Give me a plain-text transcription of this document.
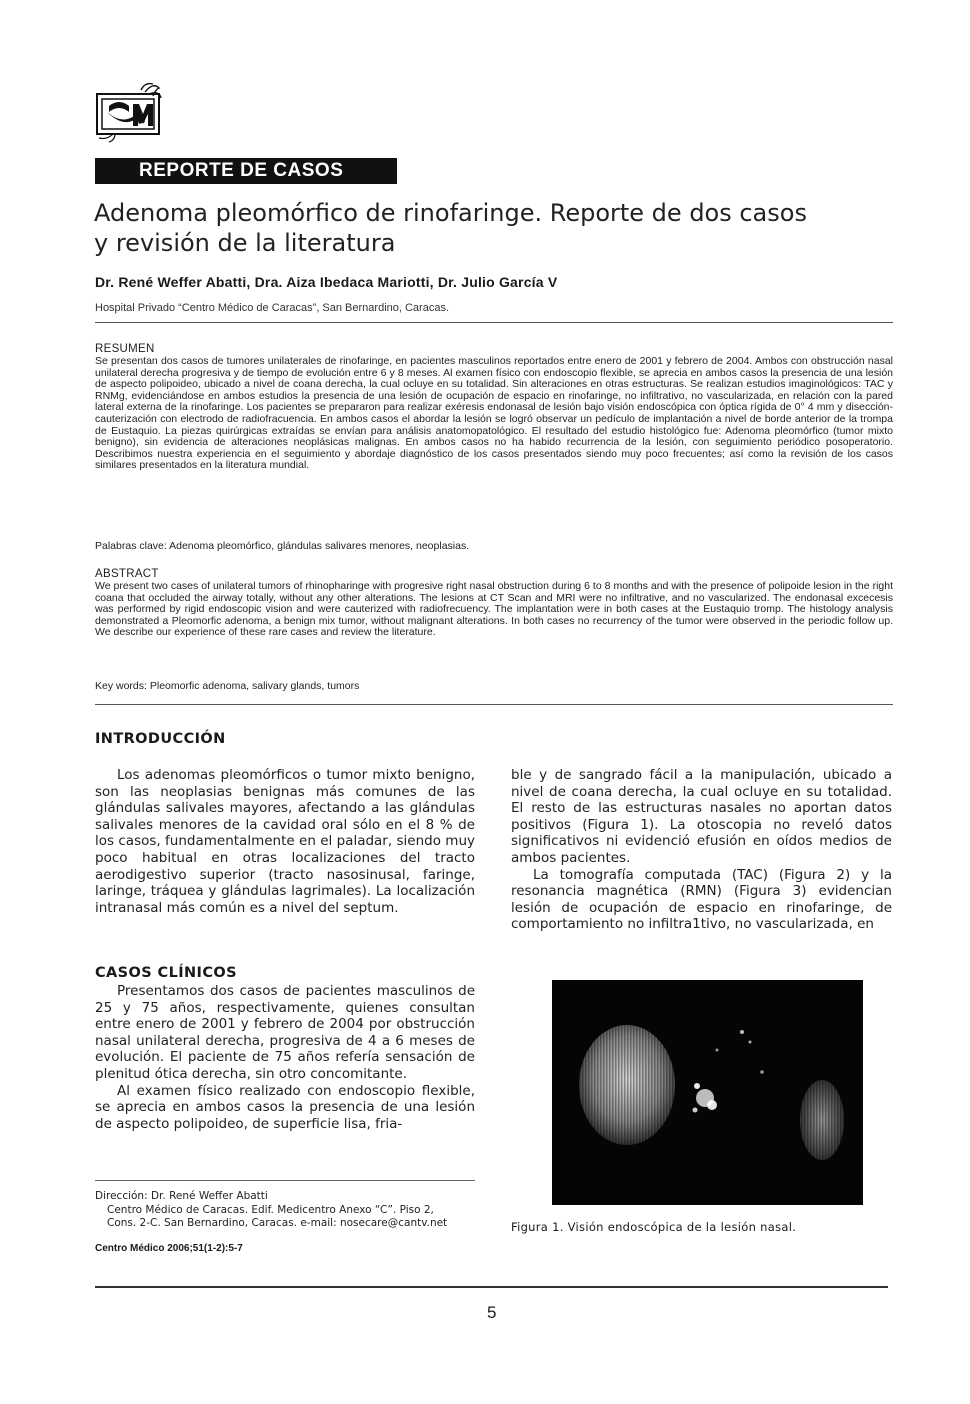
REPORTE DE CASOS
Adenoma pleomórfico de rinofaringe. Reporte de dos casos
y revisión de la literatura
Dr. René Weffer Abatti, Dra. Aiza Ibedaca Mariotti, Dr. Julio García V
Hospital Privado “Centro Médico de Caracas”, San Bernardino, Caracas.
RESUMEN
Se presentan dos casos de tumores unilaterales de rinofaringe, en pacientes masculinos reportados entre enero de 2001 y febrero de 2004. Ambos con obstrucción nasal unilateral derecha progresiva y de tiempo de evolución entre 6 y 8 meses. Al examen físico con endoscopio flexible, se aprecia en ambos casos la presencia de una lesión de aspecto polipoideo, ubicado a nivel de coana derecha, la cual ocluye en su totalidad. Sin alteraciones en otras estructuras. Se realizan estudios imaginológicos: TAC y RNMg, evidenciándose en ambos estudios la presencia de una lesión de ocupación de espacio en rinofaringe, no infiltrativo, no vascularizada, en relación con la pared lateral externa de la rinofaringe. Los pacientes se prepararon para realizar exéresis endonasal de lesión bajo visión endoscópica con óptica rígida de 0° 4 mm y disección-cauterización con electrodo de radiofracuencia. En ambos casos el abordar la lesión se logró observar un pedículo de implantación a nivel de borde anterior de la trompa de Eustaquio. La piezas quirúrgicas extraídas se envían para análisis anatomopatológico. El resultado del estudio histológico fue: Adenoma pleomórfico (tumor mixto benigno), sin evidencia de alteraciones neoplásicas malignas. En ambos casos no ha habido recurrencia de la lesión, con seguimiento periódico posoperatorio. Describimos nuestra experiencia en el seguimiento y abordaje diagnóstico de los casos presentados siendo muy poco frecuentes; así como la revisión de los casos similares presentados en la literatura mundial.
Palabras clave: Adenoma pleomórfico, glándulas salivares menores, neoplasias.
ABSTRACT
We present two cases of unilateral tumors of rhinopharinge with progresive right nasal obstruction during 6 to 8 months and with the presence of polipoide lesion in the right coana that occluded the airway totally, without any other alterations. The lesions at CT Scan and MRI were no infiltrative, and no vascularized. The endonasal excecesis was performed by rigid endoscopic vision and were cauterized with radiofrecuency. The implantation were in both cases at the Eustaquio tromp. The histology analysis demonstrated a Pleomorfic adenoma, a benign mix tumor, without malignant alterations. In both cases no recurrency of the tumor were observed in the periodic follow up. We describe our experience of these rare cases and review the literature.
Key words: Pleomorfic adenoma, salivary glands, tumors
INTRODUCCIÓN

Los adenomas pleomórficos o tumor mixto benigno, son las neoplasias benignas más comunes de las glándulas salivales mayores, afectando a las glándulas salivales menores de la cavidad oral sólo en el 8 % de los casos, fundamentalmente en el paladar, siendo muy poco habitual en otras localizaciones del tracto aerodigestivo superior (tracto nasosinusal, faringe, laringe, tráquea y glándulas lagrimales). La localización intranasal más común es a nivel del septum.

CASOS CLÍNICOS

Presentamos dos casos de pacientes masculinos de 25 y 75 años, respectivamente, quienes consultan entre enero de 2001 y febrero de 2004 por obstrucción nasal unilateral derecha, progresiva de 4 a 6 meses de evolución. El paciente de 75 años refería sensación de plenitud ótica derecha, sin otro concomitante.

Al examen físico realizado con endoscopio flexible, se aprecia en ambos casos la presencia de una lesión de aspecto polipoideo, de superficie lisa, fria-

Dirección: Dr. René Weffer Abatti
Centro Médico de Caracas. Edif. Medicentro Anexo “C”. Piso 2,
Cons. 2-C. San Bernardino, Caracas. e-mail: nosecare@cantv.net
Centro Médico 2006;51(1-2):5-7

ble y de sangrado fácil a la manipulación, ubicado a nivel de coana derecha, la cual ocluye en su totalidad. El resto de las estructuras nasales no aportan datos positivos (Figura 1). La otoscopia no reveló datos significativos ni evidenció efusión en oídos medios de ambos pacientes.

La tomografía computada (TAC) (Figura 2) y la resonancia magnética (RMN) (Figura 3) evidencian lesión de ocupación de espacio en rinofaringe, de comportamiento no infiltra1tivo, no vascularizada, en

Figura 1. Visión endoscópica de la lesión nasal.
5
